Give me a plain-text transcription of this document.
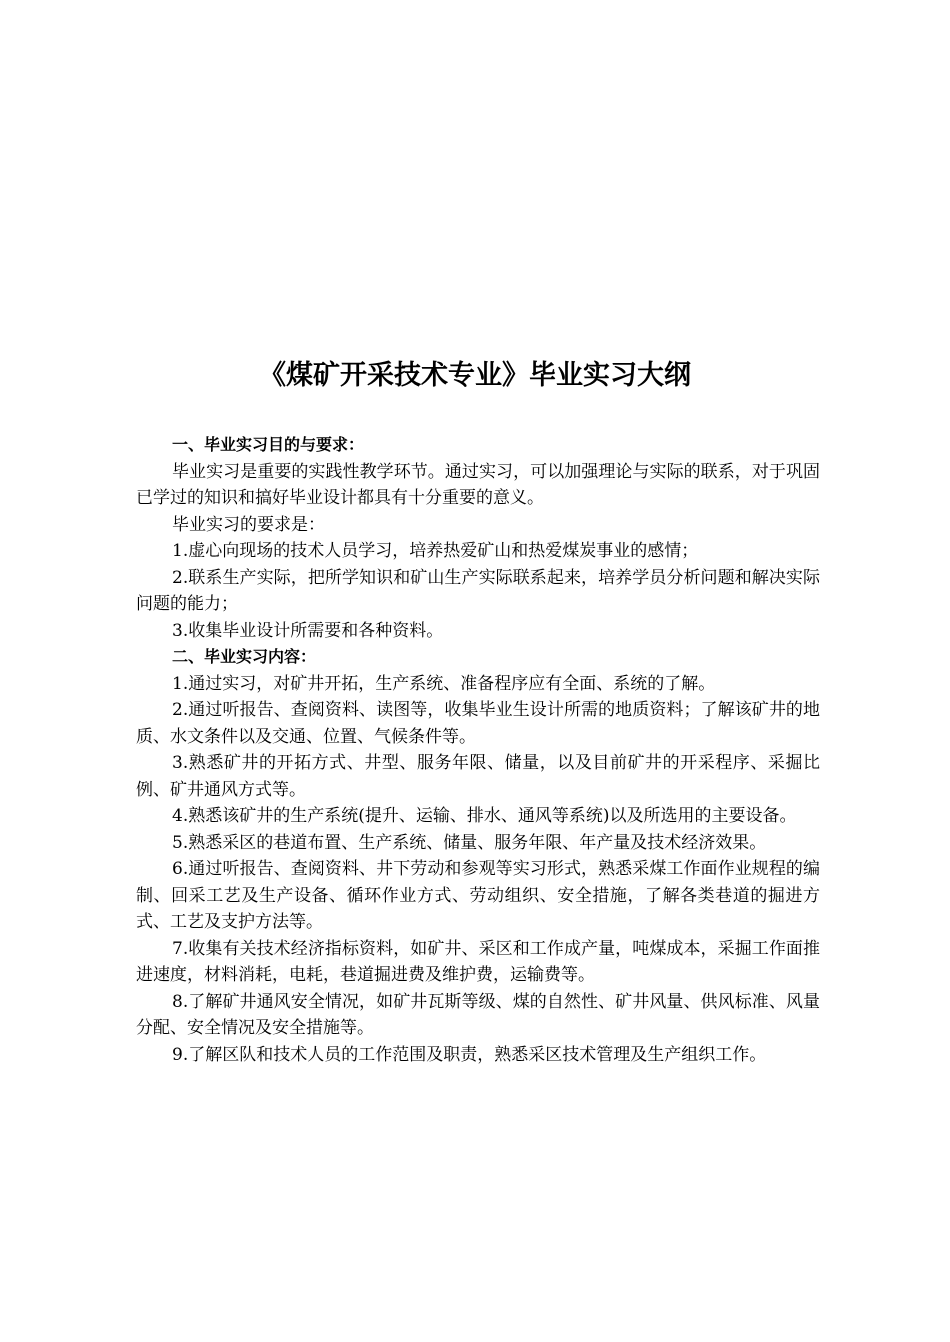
《煤矿开采技术专业》毕业实习大纲

一、毕业实习目的与要求：

毕业实习是重要的实践性教学环节。通过实习，可以加强理论与实际的联系，对于巩固已学过的知识和搞好毕业设计都具有十分重要的意义。

毕业实习的要求是：

1.虚心向现场的技术人员学习，培养热爱矿山和热爱煤炭事业的感情；

2.联系生产实际，把所学知识和矿山生产实际联系起来，培养学员分析问题和解决实际问题的能力；

3.收集毕业设计所需要和各种资料。

二、毕业实习内容：

1.通过实习，对矿井开拓，生产系统、准备程序应有全面、系统的了解。

2.通过听报告、查阅资料、读图等，收集毕业生设计所需的地质资料；了解该矿井的地质、水文条件以及交通、位置、气候条件等。

3.熟悉矿井的开拓方式、井型、服务年限、储量，以及目前矿井的开采程序、采掘比例、矿井通风方式等。

4.熟悉该矿井的生产系统(提升、运输、排水、通风等系统)以及所选用的主要设备。

5.熟悉采区的巷道布置、生产系统、储量、服务年限、年产量及技术经济效果。

6.通过听报告、查阅资料、井下劳动和参观等实习形式，熟悉采煤工作面作业规程的编制、回采工艺及生产设备、循环作业方式、劳动组织、安全措施，了解各类巷道的掘进方式、工艺及支护方法等。

7.收集有关技术经济指标资料，如矿井、采区和工作成产量，吨煤成本，采掘工作面推进速度，材料消耗，电耗，巷道掘进费及维护费，运输费等。

8.了解矿井通风安全情况，如矿井瓦斯等级、煤的自然性、矿井风量、供风标准、风量分配、安全情况及安全措施等。

9.了解区队和技术人员的工作范围及职责，熟悉采区技术管理及生产组织工作。
